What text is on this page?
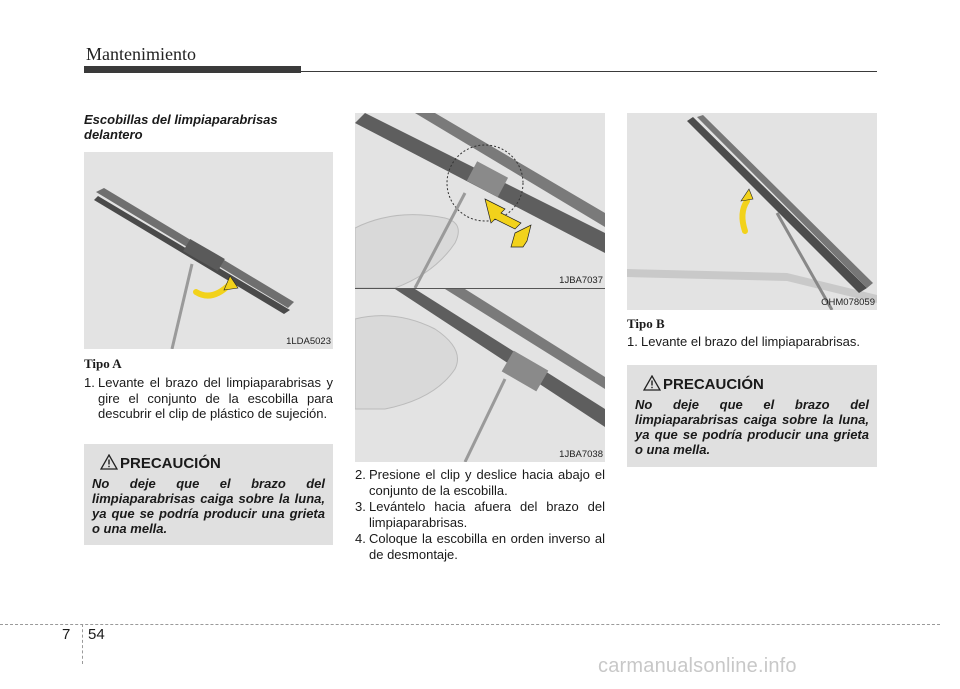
Mantenimiento
Escobillas del limpiaparabrisas delantero
1LDA5023
Tipo A
1. Levante el brazo del limpiaparabrisas y gire el conjunto de la escobilla para descubrir el clip de plástico de sujeción.
PRECAUCIÓN
No deje que el brazo del limpiaparabrisas caiga sobre la luna, ya que se podría producir una grieta o una mella.
1JBA7037
1JBA7038
2. Presione el clip y deslice hacia abajo el conjunto de la escobilla.
3. Levántelo hacia afuera del brazo del limpiaparabrisas.
4. Coloque la escobilla en orden inverso al de desmontaje.
OHM078059
Tipo B
1. Levante el brazo del limpiaparabrisas.
PRECAUCIÓN
No deje que el brazo del limpiaparabrisas caiga sobre la luna, ya que se podría producir una grieta o una mella.
7 54
carmanualsonline.info
